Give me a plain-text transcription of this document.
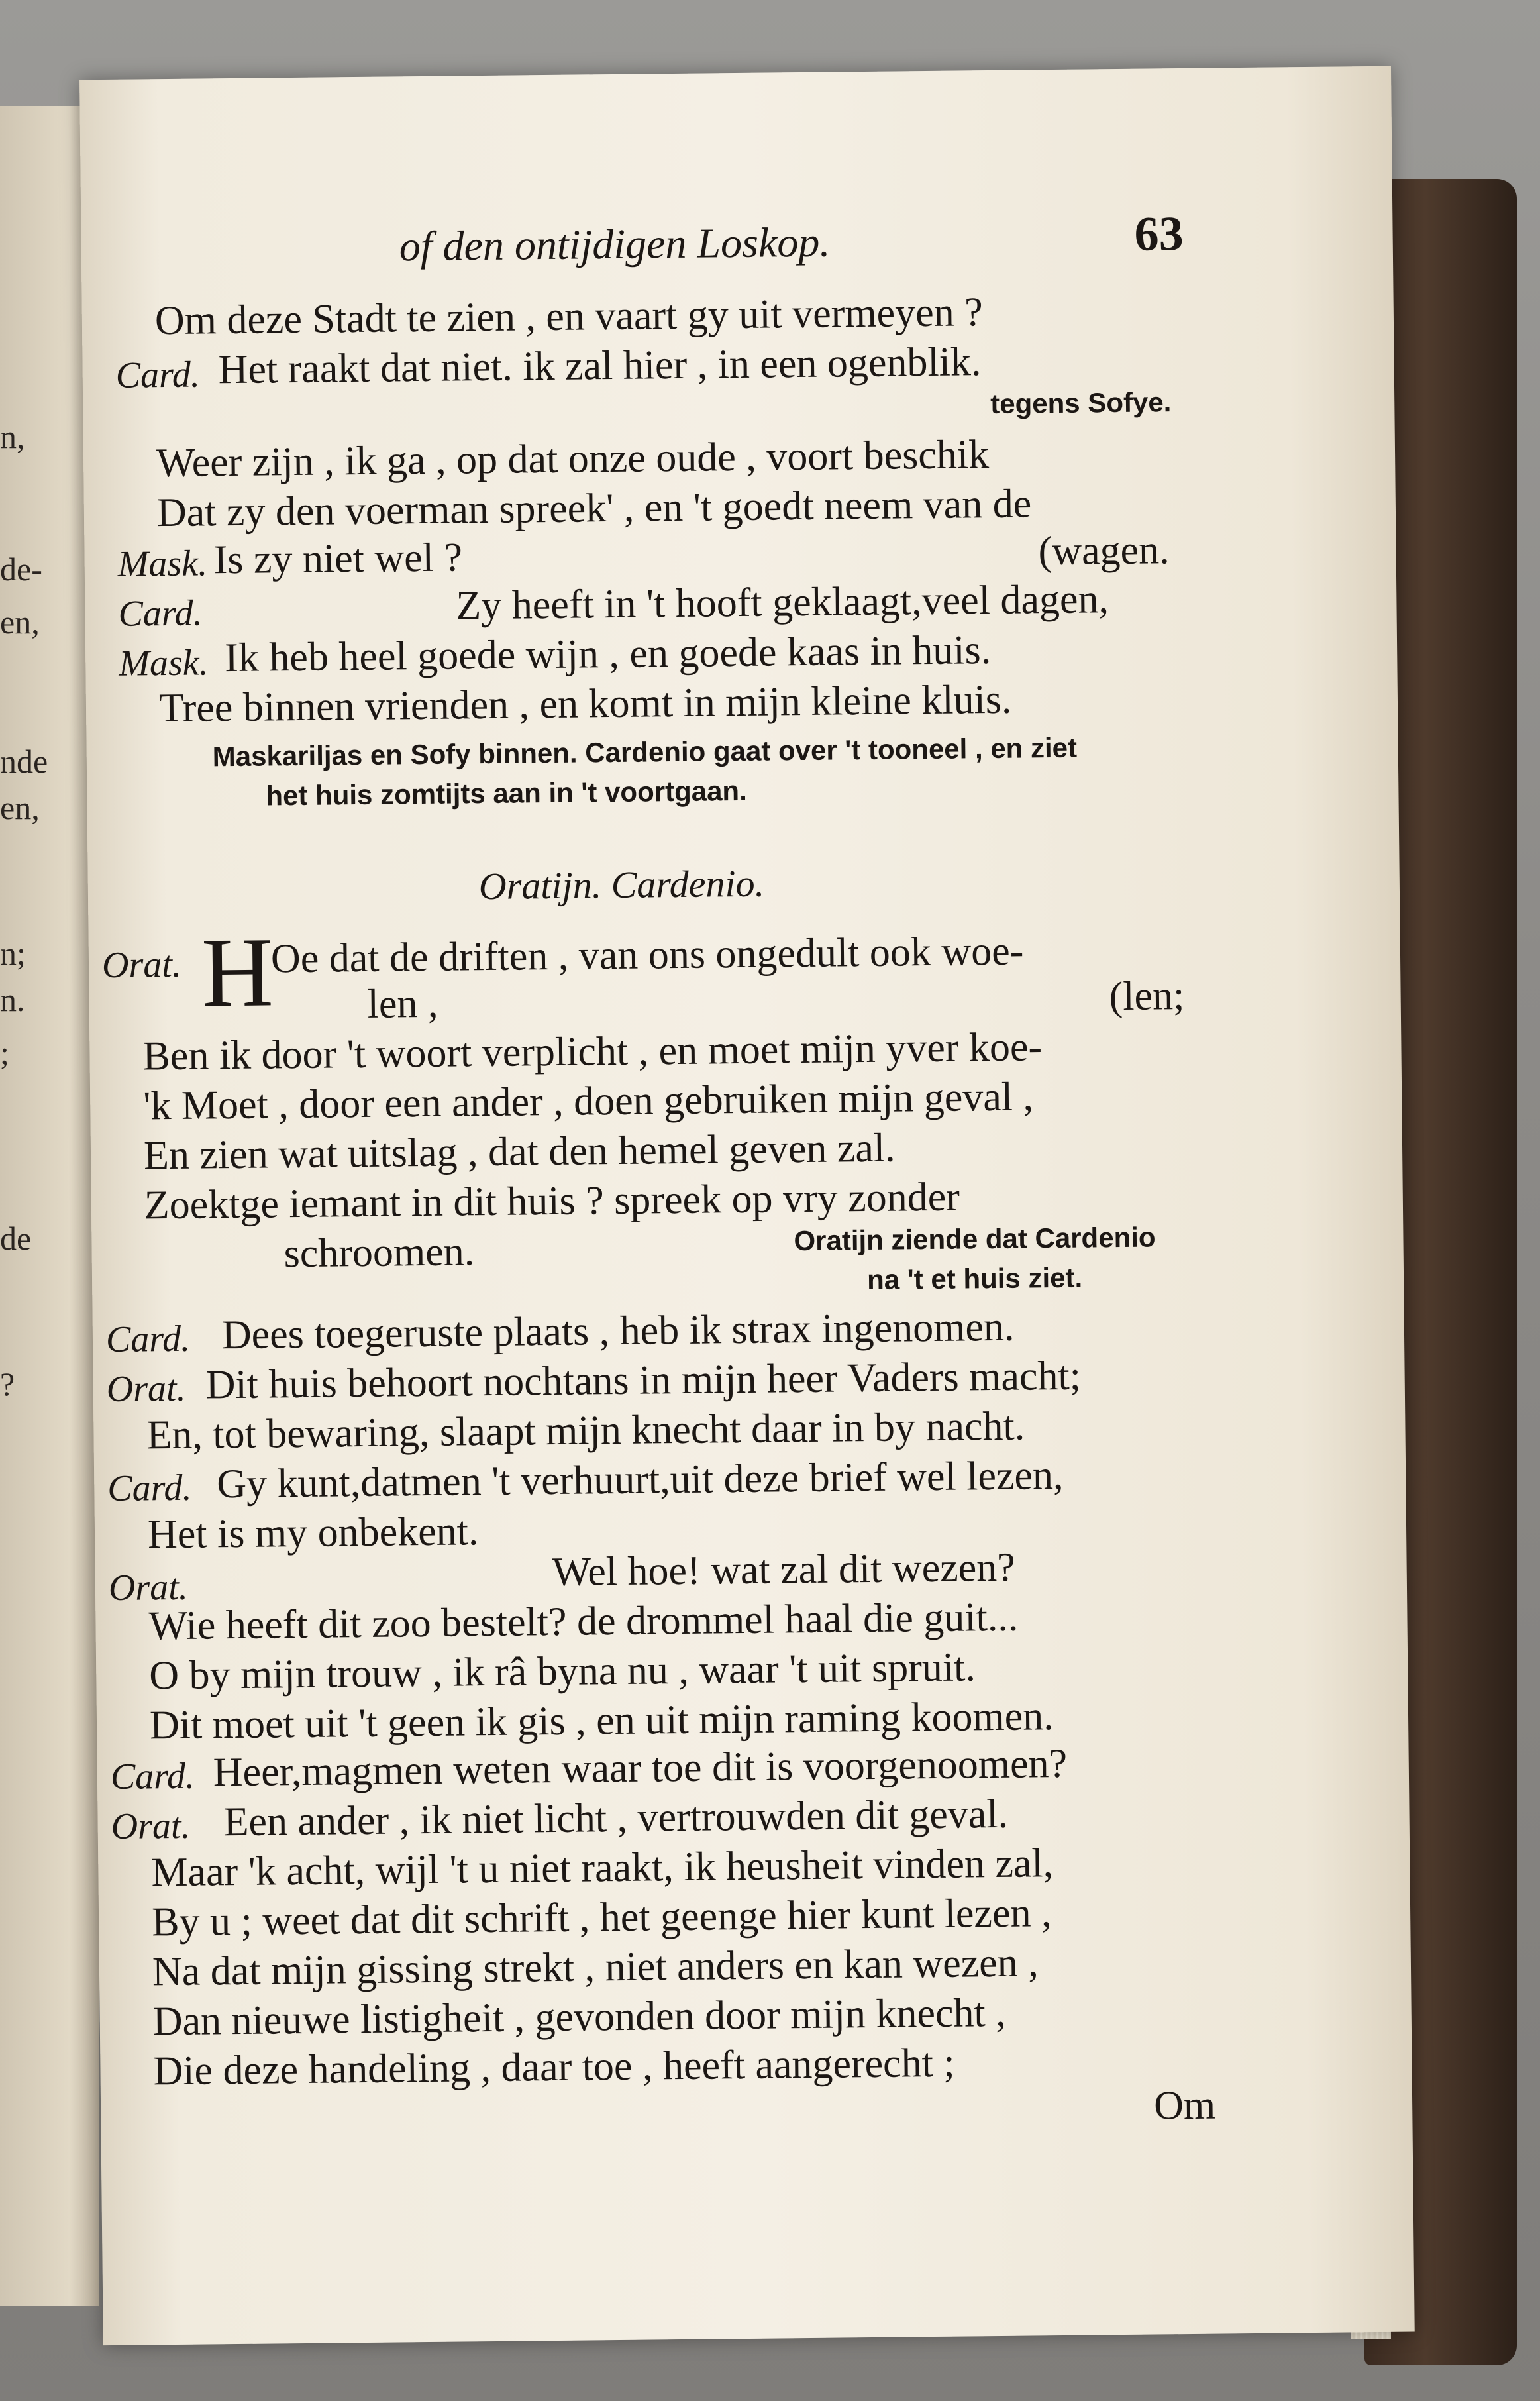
n,
de-
en,
nde
en,
n;
n.
;
de
?
of den ontijdigen Loskop.	63
Om deze Stadt te zien , en vaart gy uit vermeyen ?
Card. Het raakt dat niet. ik zal hier , in een ogenblik.
tegens Sofye.
Weer zijn , ik ga , op dat onze oude , voort beschik
Dat zy den voerman spreek' , en 't goedt neem van de
Mask. Is zy niet wel ?	(wagen.
Card.	Zy heeft in 't hooft geklaagt,veel dagen,
Mask. Ik heb heel goede wijn , en goede kaas in huis.
Tree binnen vrienden , en komt in mijn kleine kluis.
Maskariljas en Sofy binnen. Cardenio gaat over 't tooneel , en ziet
het huis zomtijts aan in 't voortgaan.
Oratijn. Cardenio.
Orat. H
Oe dat de driften , van ons ongedult ook woe-
len ,	(len;
Ben ik door 't woort verplicht , en moet mijn yver koe-
'k Moet , door een ander , doen gebruiken mijn geval ,
En zien wat uitslag , dat den hemel geven zal.
Zoektge iemant in dit huis ? spreek op vry zonder
schroomen.	Oratijn ziende dat Cardenio
na 't et huis ziet.
Card. Dees toegeruste plaats , heb ik strax ingenomen.
Orat. Dit huis behoort nochtans in mijn heer Vaders macht;
En, tot bewaring, slaapt mijn knecht daar in by nacht.
Card. Gy kunt,datmen 't verhuurt,uit deze brief wel lezen,
Het is my onbekent.
Orat.	Wel hoe! wat zal dit wezen?
Wie heeft dit zoo bestelt? de drommel haal die guit...
O by mijn trouw , ik râ byna nu , waar 't uit spruit.
Dit moet uit 't geen ik gis , en uit mijn raming koomen.
Card. Heer,magmen weten waar toe dit is voorgenoomen?
Orat. Een ander , ik niet licht , vertrouwden dit geval.
Maar 'k acht, wijl 't u niet raakt, ik heusheit vinden zal,
By u ; weet dat dit schrift , het geenge hier kunt lezen ,
Na dat mijn gissing strekt , niet anders en kan wezen ,
Dan nieuwe listigheit , gevonden door mijn knecht ,
Die deze handeling , daar toe , heeft aangerecht ;
Om
